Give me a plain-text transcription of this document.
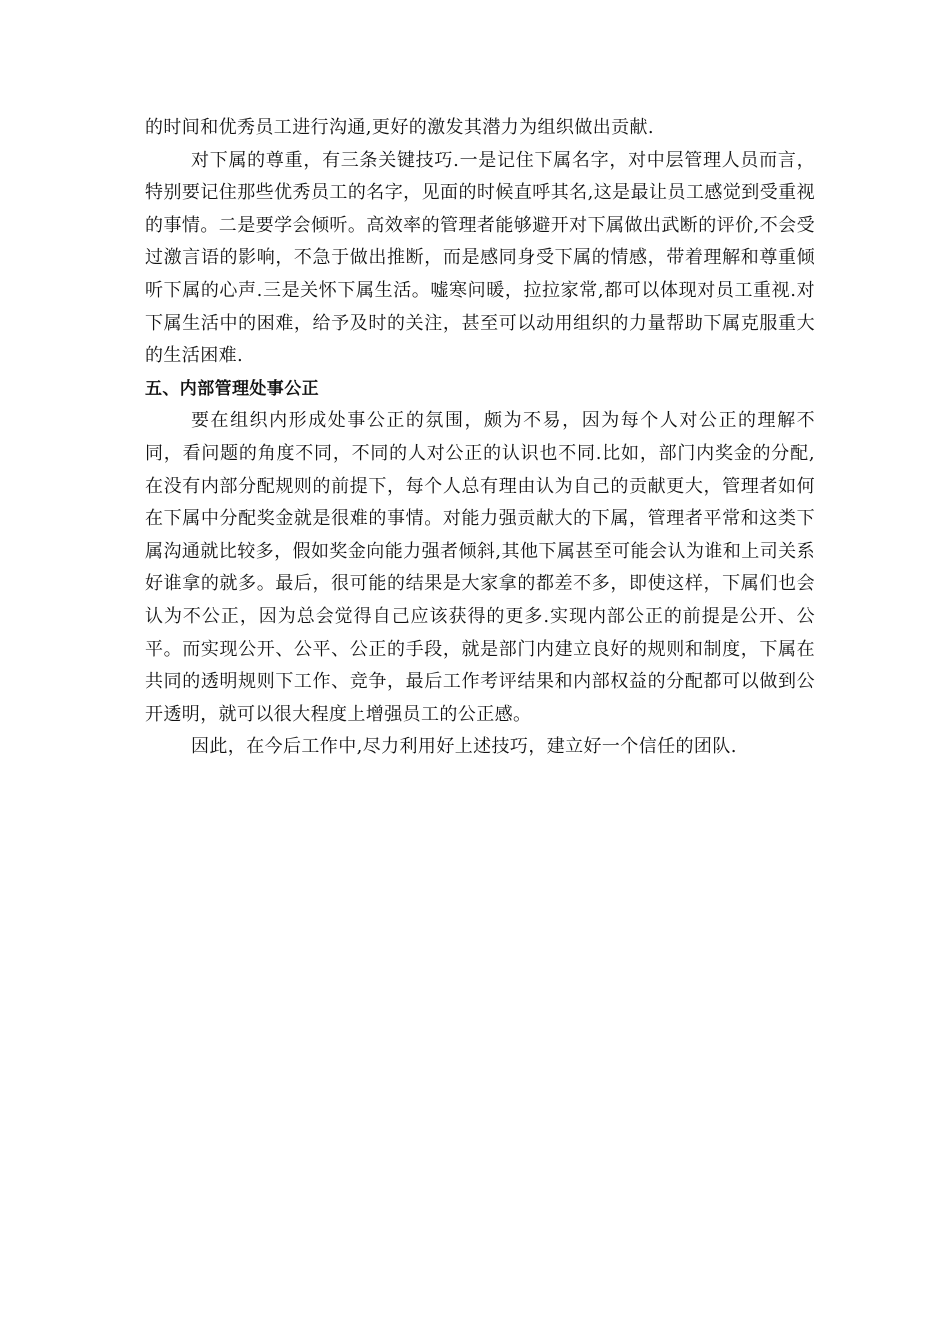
的时间和优秀员工进行沟通,更好的激发其潜力为组织做出贡献.

对下属的尊重，有三条关键技巧.一是记住下属名字，对中层管理人员而言，特别要记住那些优秀员工的名字，见面的时候直呼其名,这是最让员工感觉到受重视的事情。二是要学会倾听。高效率的管理者能够避开对下属做出武断的评价,不会受过激言语的影响，不急于做出推断，而是感同身受下属的情感，带着理解和尊重倾听下属的心声.三是关怀下属生活。嘘寒问暖，拉拉家常,都可以体现对员工重视.对下属生活中的困难，给予及时的关注，甚至可以动用组织的力量帮助下属克服重大的生活困难.

五、内部管理处事公正

要在组织内形成处事公正的氛围，颇为不易，因为每个人对公正的理解不同，看问题的角度不同，不同的人对公正的认识也不同.比如，部门内奖金的分配,在没有内部分配规则的前提下，每个人总有理由认为自己的贡献更大，管理者如何在下属中分配奖金就是很难的事情。对能力强贡献大的下属，管理者平常和这类下属沟通就比较多，假如奖金向能力强者倾斜,其他下属甚至可能会认为谁和上司关系好谁拿的就多。最后，很可能的结果是大家拿的都差不多，即使这样，下属们也会认为不公正，因为总会觉得自己应该获得的更多.实现内部公正的前提是公开、公平。而实现公开、公平、公正的手段，就是部门内建立良好的规则和制度，下属在共同的透明规则下工作、竞争，最后工作考评结果和内部权益的分配都可以做到公开透明，就可以很大程度上增强员工的公正感。

因此，在今后工作中,尽力利用好上述技巧，建立好一个信任的团队.
